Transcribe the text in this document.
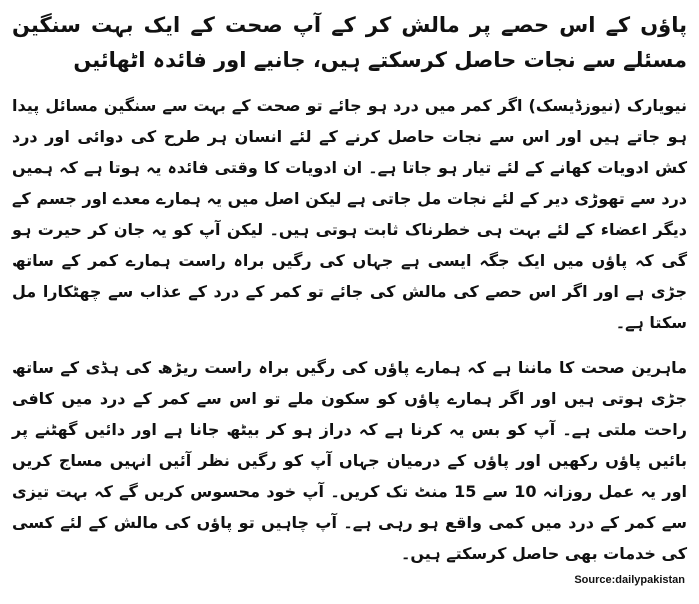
پاؤں کے اس حصے پر مالش کر کے آپ صحت کے ایک بہت سنگین مسئلے سے نجات حاصل کرسکتے ہیں، جانیے اور فائدہ اٹھائیں

نیویارک (نیوزڈیسک) اگر کمر میں درد ہو جائے تو صحت کے بہت سے سنگین مسائل پیدا ہو جاتے ہیں اور اس سے نجات حاصل کرنے کے لئے انسان ہر طرح کی دوائی اور درد کش ادویات کھانے کے لئے تیار ہو جاتا ہے۔ ان ادویات کا وقتی فائدہ یہ ہوتا ہے کہ ہمیں درد سے تھوڑی دیر کے لئے نجات مل جاتی ہے لیکن اصل میں یہ ہمارے معدے اور جسم کے دیگر اعضاء کے لئے بہت ہی خطرناک ثابت ہوتی ہیں۔ لیکن آپ کو یہ جان کر حیرت ہو گی کہ پاؤں میں ایک جگہ ایسی ہے جہاں کی رگیں براہ راست ہمارے کمر کے ساتھ جڑی ہے اور اگر اس حصے کی مالش کی جائے تو کمر کے درد کے عذاب سے چھٹکارا مل سکتا ہے۔

ماہرین صحت کا ماننا ہے کہ ہمارے پاؤں کی رگیں براہ راست ریڑھ کی ہڈی کے ساتھ جڑی ہوتی ہیں اور اگر ہمارے پاؤں کو سکون ملے تو اس سے کمر کے درد میں کافی راحت ملتی ہے۔ آپ کو بس یہ کرنا ہے کہ دراز ہو کر بیٹھ جانا ہے اور دائیں گھٹنے پر بائیں پاؤں رکھیں اور پاؤں کے درمیان جہاں آپ کو رگیں نظر آئیں انہیں مساج کریں اور یہ عمل روزانہ 10 سے 15 منٹ تک کریں۔ آپ خود محسوس کریں گے کہ بہت تیزی سے کمر کے درد میں کمی واقع ہو رہی ہے۔ آپ چاہیں تو پاؤں کی مالش کے لئے کسی کی خدمات بھی حاصل کرسکتے ہیں۔

Source:dailypakistan
